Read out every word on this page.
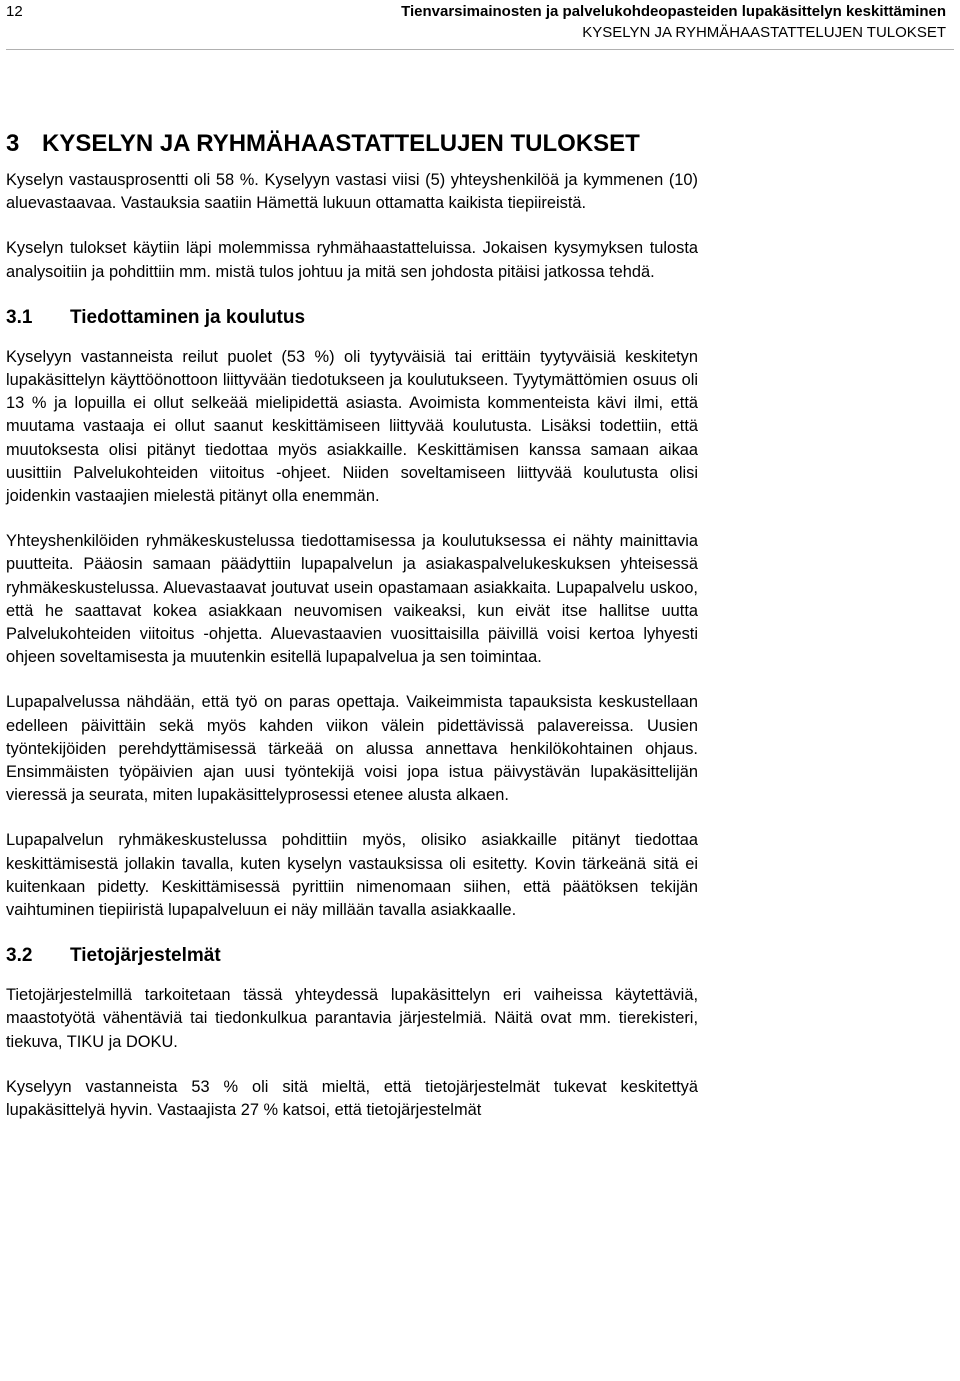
12	Tienvarsimainosten ja palvelukohdeopasteiden lupakäsittelyn keskittäminen
KYSELYN JA RYHMÄHAASTATTELUJEN TULOKSET
3 KYSELYN JA RYHMÄHAASTATTELUJEN TULOKSET

Kyselyn vastausprosentti oli 58 %. Kyselyyn vastasi viisi (5) yhteyshenkilöä ja kymmenen (10) aluevastaavaa. Vastauksia saatiin Hämettä lukuun ottamatta kaikista tiepiireistä.

Kyselyn tulokset käytiin läpi molemmissa ryhmähaastatteluissa. Jokaisen kysymyksen tulosta analysoitiin ja pohdittiin mm. mistä tulos johtuu ja mitä sen johdosta pitäisi jatkossa tehdä.

3.1	Tiedottaminen ja koulutus

Kyselyyn vastanneista reilut puolet (53 %) oli tyytyväisiä tai erittäin tyytyväisiä keskitetyn lupakäsittelyn käyttöönottoon liittyvään tiedotukseen ja koulutukseen. Tyytymättömien osuus oli 13 % ja lopuilla ei ollut selkeää mielipidettä asiasta. Avoimista kommenteista kävi ilmi, että muutama vastaaja ei ollut saanut keskittämiseen liittyvää koulutusta. Lisäksi todettiin, että muutoksesta olisi pitänyt tiedottaa myös asiakkaille. Keskittämisen kanssa samaan aikaa uusittiin Palvelukohteiden viitoitus -ohjeet. Niiden soveltamiseen liittyvää koulutusta olisi joidenkin vastaajien mielestä pitänyt olla enemmän.

Yhteyshenkilöiden ryhmäkeskustelussa tiedottamisessa ja koulutuksessa ei nähty mainittavia puutteita. Pääosin samaan päädyttiin lupapalvelun ja asiakaspalvelukeskuksen yhteisessä ryhmäkeskustelussa. Aluevastaavat joutuvat usein opastamaan asiakkaita. Lupapalvelu uskoo, että he saattavat kokea asiakkaan neuvomisen vaikeaksi, kun eivät itse hallitse uutta Palvelukohteiden viitoitus -ohjetta. Aluevastaavien vuosittaisilla päivillä voisi kertoa lyhyesti ohjeen soveltamisesta ja muutenkin esitellä lupapalvelua ja sen toimintaa.

Lupapalvelussa nähdään, että työ on paras opettaja. Vaikeimmista tapauksista keskustellaan edelleen päivittäin sekä myös kahden viikon välein pidettävissä palavereissa. Uusien työntekijöiden perehdyttämisessä tärkeää on alussa annettava henkilökohtainen ohjaus. Ensimmäisten työpäivien ajan uusi työntekijä voisi jopa istua päivystävän lupakäsittelijän vieressä ja seurata, miten lupakäsittelyprosessi etenee alusta alkaen.

Lupapalvelun ryhmäkeskustelussa pohdittiin myös, olisiko asiakkaille pitänyt tiedottaa keskittämisestä jollakin tavalla, kuten kyselyn vastauksissa oli esitetty. Kovin tärkeänä sitä ei kuitenkaan pidetty. Keskittämisessä pyrittiin nimenomaan siihen, että päätöksen tekijän vaihtuminen tiepiiristä lupapalveluun ei näy millään tavalla asiakkaalle.

3.2	Tietojärjestelmät

Tietojärjestelmillä tarkoitetaan tässä yhteydessä lupakäsittelyn eri vaiheissa käytettäviä, maastotyötä vähentäviä tai tiedonkulkua parantavia järjestelmiä. Näitä ovat mm. tierekisteri, tiekuva, TIKU ja DOKU.

Kyselyyn vastanneista 53 % oli sitä mieltä, että tietojärjestelmät tukevat keskitettyä lupakäsittelyä hyvin. Vastaajista 27 % katsoi, että tietojärjestelmät
